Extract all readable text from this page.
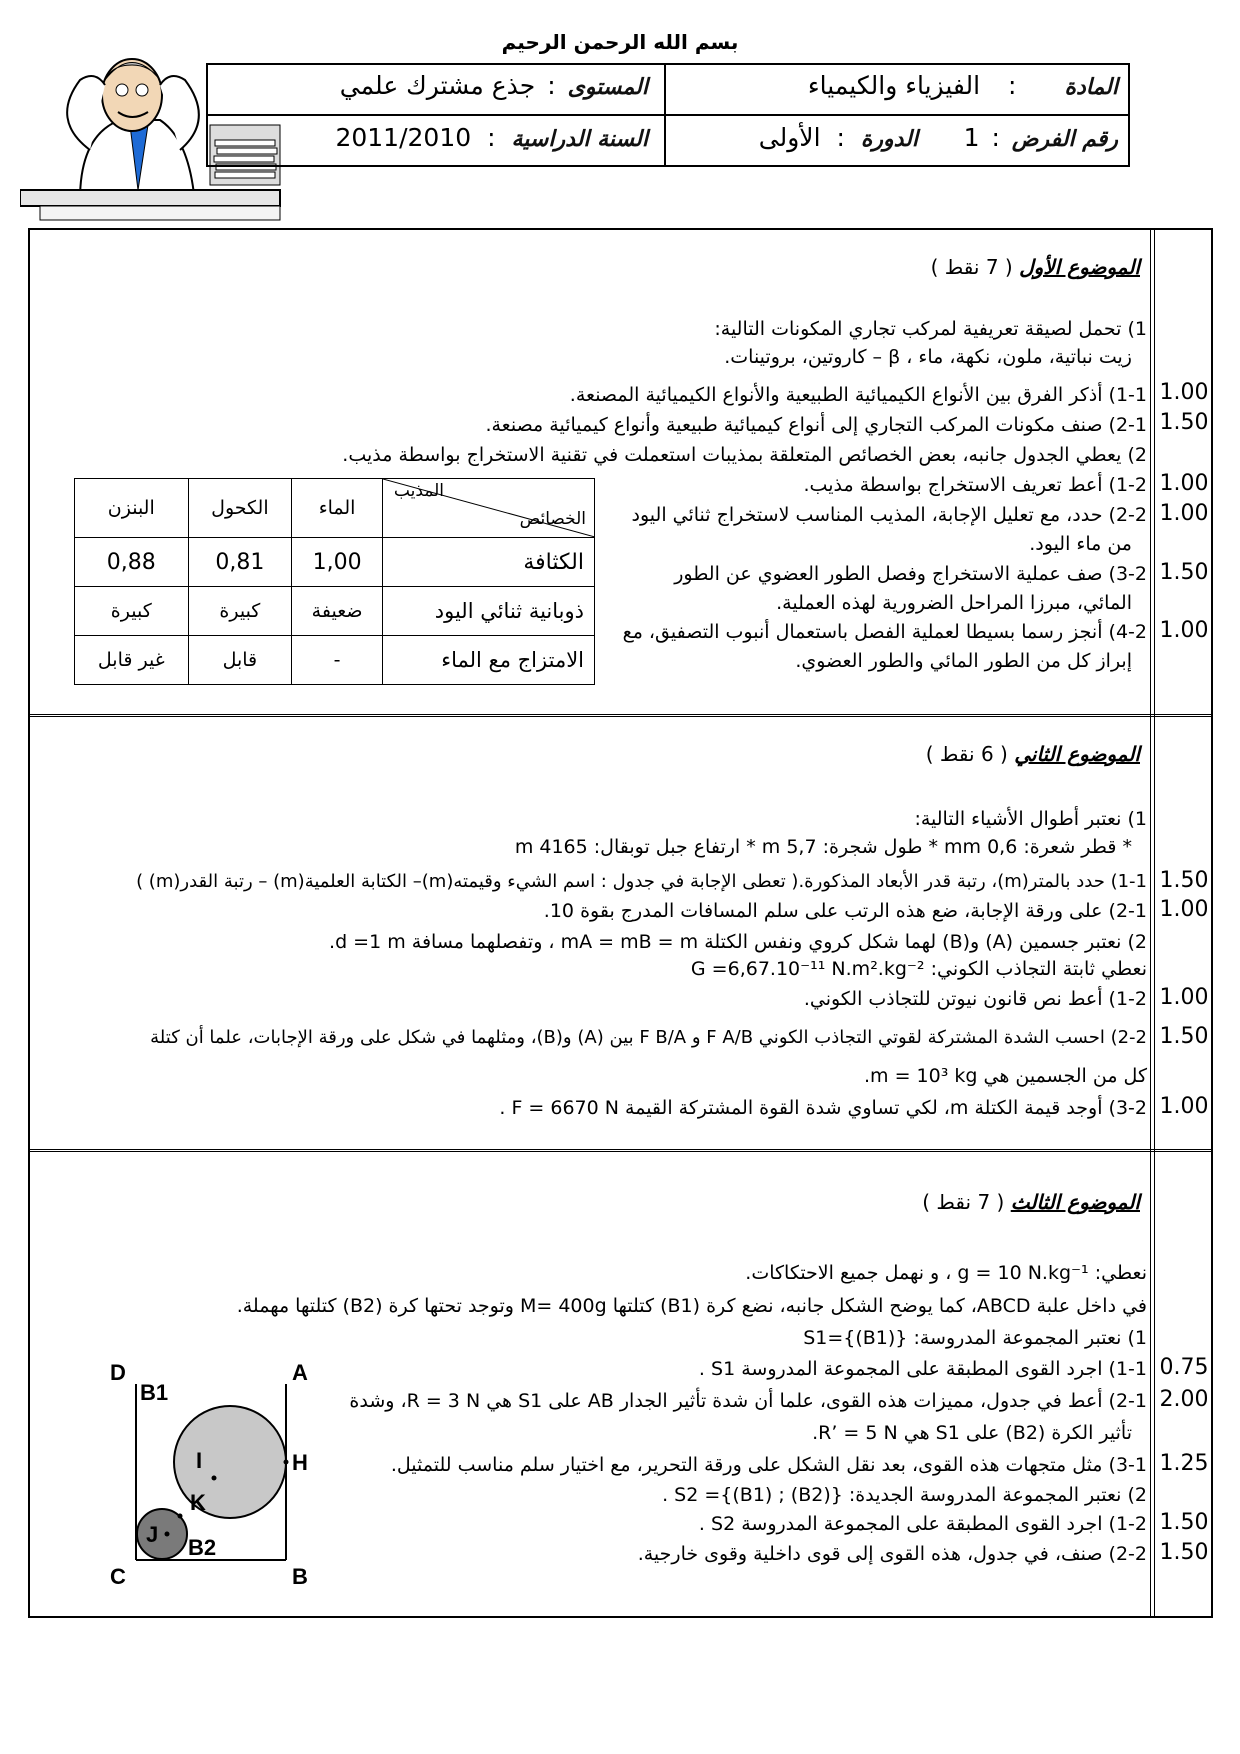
بسم الله الرحمن الرحيم
المادة : الفيزياء والكيمياء
المستوى : جذع مشترك علمي
رقم الفرض : 1
الدورة : الأولى
السنة الدراسية : 2011/2010
الموضوع الأول ( 7 نقط )
1) تحمل لصيقة تعريفية لمركب تجاري المكونات التالية:
زيت نباتية، ملون، نكهة، ماء ، β – كاروتين، بروتينات.
1-1) أذكر الفرق بين الأنواع الكيميائية الطبيعية والأنواع الكيميائية المصنعة.
2-1) صنف مكونات المركب التجاري إلى أنواع كيميائية طبيعية وأنواع كيميائية مصنعة.
2) يعطي الجدول جانبه، بعض الخصائص المتعلقة بمذيبات استعملت في تقنية الاستخراج بواسطة مذيب.
1-2) أعط تعريف الاستخراج بواسطة مذيب.
2-2) حدد، مع تعليل الإجابة، المذيب المناسب لاستخراج ثنائي اليود
من ماء اليود.
3-2) صف عملية الاستخراج وفصل الطور العضوي عن الطور
المائي، مبرزا المراحل الضرورية لهذه العملية.
4-2) أنجز رسما بسيطا لعملية الفصل باستعمال أنبوب التصفيق، مع
إبراز كل من الطور المائي والطور العضوي.
1.00
1.50
1.00
1.00
1.50
1.00
البنزن	الكحول	الماء	المذيب
الخصائص

0,88	0,81	1,00	الكثافة
كبيرة	كبيرة	ضعيفة	ذوبانية ثنائي اليود
غير قابل	قابل	-	الامتزاج مع الماء
الموضوع الثاني ( 6 نقط )
1) نعتبر أطوال الأشياء التالية:
* قطر شعرة: 0,6 mm * طول شجرة: 5,7 m * ارتفاع جبل توبقال: 4165 m
1-1) حدد بالمتر(m)، رتبة قدر الأبعاد المذكورة.( تعطى الإجابة في جدول : اسم الشيء وقيمته(m)– الكتابة العلمية(m) – رتبة القدر(m) )
2-1) على ورقة الإجابة، ضع هذه الرتب على سلم المسافات المدرج بقوة 10.
2) نعتبر جسمين (A) و(B) لهما شكل كروي ونفس الكتلة mA = mB = m ، وتفصلهما مسافة d =1 m.
نعطي ثابتة التجاذب الكوني: G =6,67.10⁻¹¹ N.m².kg⁻²
1-2) أعط نص قانون نيوتن للتجاذب الكوني.
2-2) احسب الشدة المشتركة لقوتي التجاذب الكوني F A/B و F B/A بين (A) و(B)، ومثلهما في شكل على ورقة الإجابات، علما أن كتلة
كل من الجسمين هي m = 10³ kg.
3-2) أوجد قيمة الكتلة m، لكي تساوي شدة القوة المشتركة القيمة F = 6670 N .
1.50
1.00
1.00
1.50
1.00
الموضوع الثالث ( 7 نقط )
نعطي: g = 10 N.kg⁻¹ ، و نهمل جميع الاحتكاكات.
في داخل علبة ABCD، كما يوضح الشكل جانبه، نضع كرة (B1) كتلتها M= 400g وتوجد تحتها كرة (B2) كتلتها مهملة.
1) نعتبر المجموعة المدروسة: S1={(B1)}
1-1) اجرد القوى المطبقة على المجموعة المدروسة S1 .
2-1) أعط في جدول، مميزات هذه القوى، علما أن شدة تأثير الجدار AB على S1 هي R = 3 N، وشدة
تأثير الكرة (B2) على S1 هي R’ = 5 N.
3-1) مثل متجهات هذه القوى، بعد نقل الشكل على ورقة التحرير، مع اختيار سلم مناسب للتمثيل.
2) نعتبر المجموعة المدروسة الجديدة: S2 ={(B1) ; (B2)} .
1-2) اجرد القوى المطبقة على المجموعة المدروسة S2 .
2-2) صنف، في جدول، هذه القوى إلى قوى داخلية وقوى خارجية.
0.75
2.00
1.25
1.50
1.50
D	A
B1
I	H
K
J
B2
C	B
